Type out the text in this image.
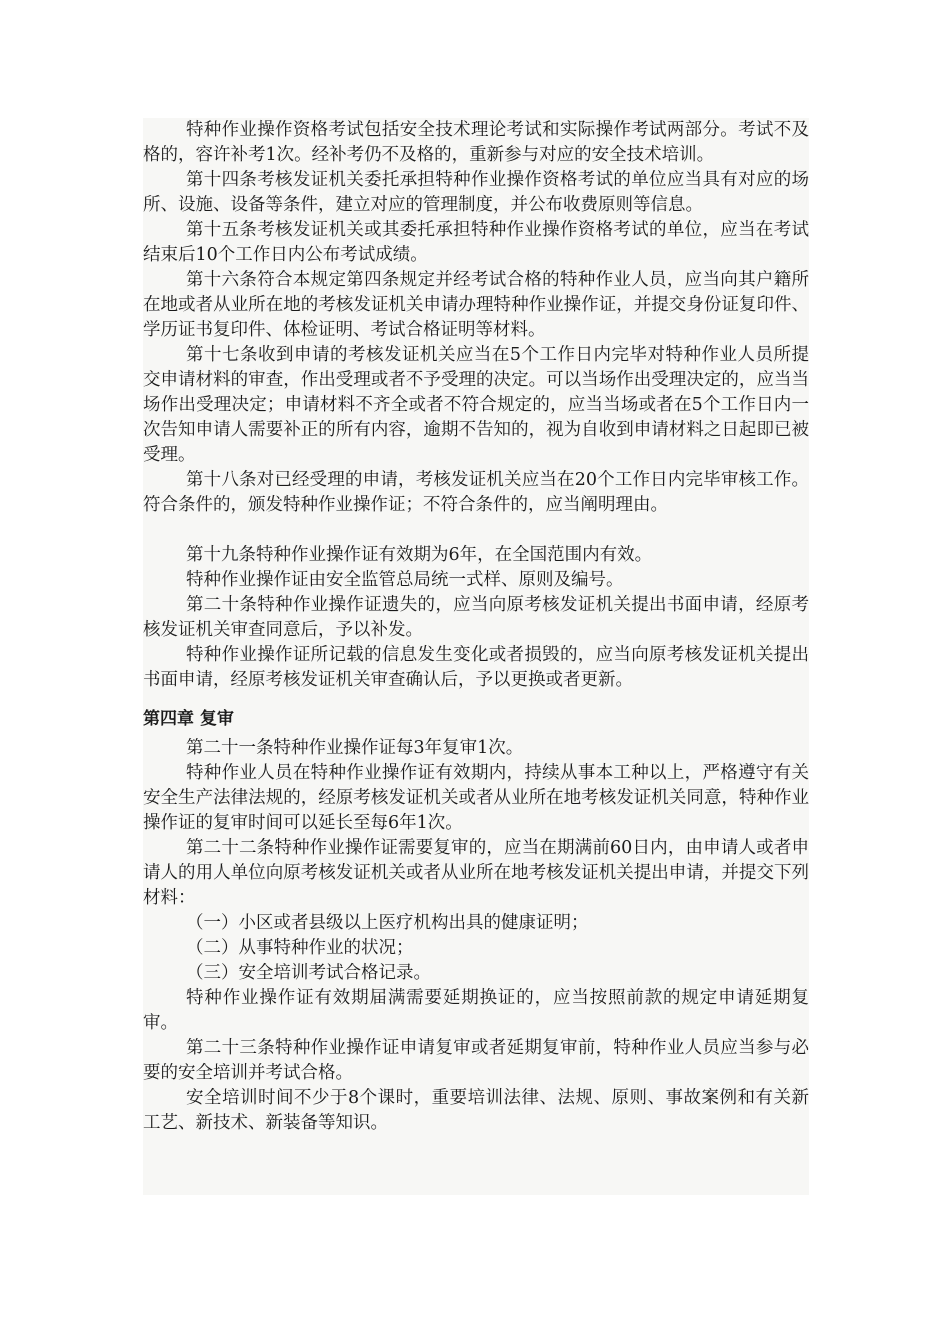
特种作业操作资格考试包括安全技术理论考试和实际操作考试两部分。考试不及格的，容许补考1次。经补考仍不及格的，重新参与对应的安全技术培训。

第十四条考核发证机关委托承担特种作业操作资格考试的单位应当具有对应的场所、设施、设备等条件，建立对应的管理制度，并公布收费原则等信息。

第十五条考核发证机关或其委托承担特种作业操作资格考试的单位，应当在考试结束后10个工作日内公布考试成绩。

第十六条符合本规定第四条规定并经考试合格的特种作业人员，应当向其户籍所在地或者从业所在地的考核发证机关申请办理特种作业操作证，并提交身份证复印件、学历证书复印件、体检证明、考试合格证明等材料。

第十七条收到申请的考核发证机关应当在5个工作日内完毕对特种作业人员所提交申请材料的审查，作出受理或者不予受理的决定。可以当场作出受理决定的，应当当场作出受理决定；申请材料不齐全或者不符合规定的，应当当场或者在5个工作日内一次告知申请人需要补正的所有内容，逾期不告知的，视为自收到申请材料之日起即已被受理。

第十八条对已经受理的申请，考核发证机关应当在20个工作日内完毕审核工作。符合条件的，颁发特种作业操作证；不符合条件的，应当阐明理由。

第十九条特种作业操作证有效期为6年，在全国范围内有效。

特种作业操作证由安全监管总局统一式样、原则及编号。

第二十条特种作业操作证遗失的，应当向原考核发证机关提出书面申请，经原考核发证机关审查同意后，予以补发。

特种作业操作证所记载的信息发生变化或者损毁的，应当向原考核发证机关提出书面申请，经原考核发证机关审查确认后，予以更换或者更新。

第四章 复审

第二十一条特种作业操作证每3年复审1次。

特种作业人员在特种作业操作证有效期内，持续从事本工种以上，严格遵守有关安全生产法律法规的，经原考核发证机关或者从业所在地考核发证机关同意，特种作业操作证的复审时间可以延长至每6年1次。

第二十二条特种作业操作证需要复审的，应当在期满前60日内，由申请人或者申请人的用人单位向原考核发证机关或者从业所在地考核发证机关提出申请，并提交下列材料：

（一）小区或者县级以上医疗机构出具的健康证明；

（二）从事特种作业的状况；

（三）安全培训考试合格记录。

特种作业操作证有效期届满需要延期换证的，应当按照前款的规定申请延期复审。

第二十三条特种作业操作证申请复审或者延期复审前，特种作业人员应当参与必要的安全培训并考试合格。

安全培训时间不少于8个课时，重要培训法律、法规、原则、事故案例和有关新工艺、新技术、新装备等知识。
